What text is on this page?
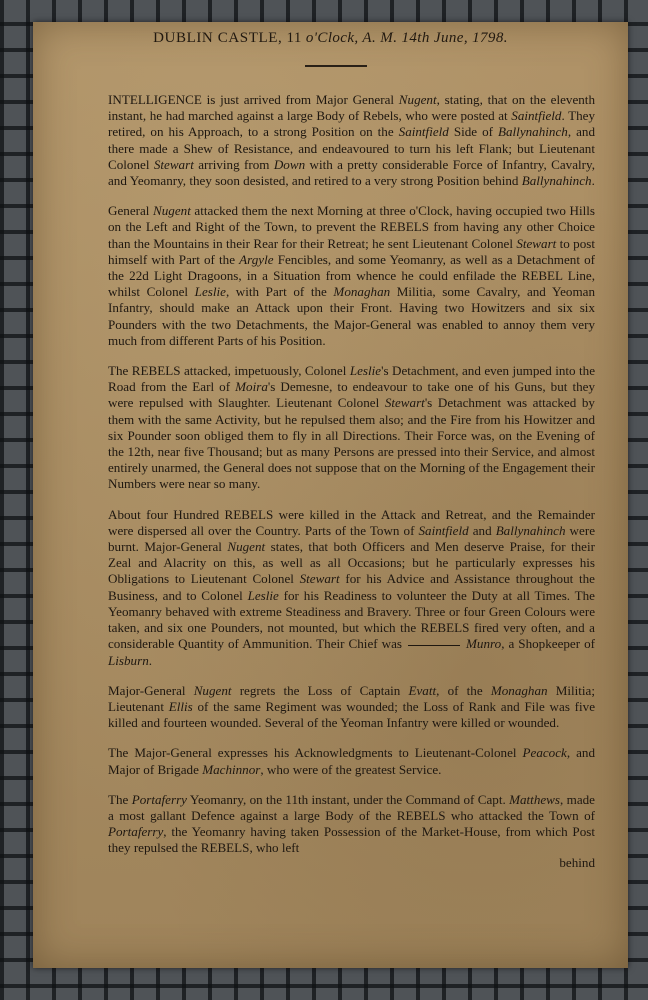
DUBLIN CASTLE, 11 o'Clock, A. M. 14th June, 1798.

INTELLIGENCE is just arrived from Major General Nugent, stating, that on the eleventh instant, he had marched against a large Body of Rebels, who were posted at Saintfield. They retired, on his Approach, to a strong Position on the Saintfield Side of Ballynahinch, and there made a Shew of Resistance, and endeavoured to turn his left Flank; but Lieutenant Colonel Stewart arriving from Down with a pretty considerable Force of Infantry, Cavalry, and Yeomanry, they soon desisted, and retired to a very strong Position behind Ballynahinch.

General Nugent attacked them the next Morning at three o'Clock, having occupied two Hills on the Left and Right of the Town, to prevent the REBELS from having any other Choice than the Mountains in their Rear for their Retreat; he sent Lieutenant Colonel Stewart to post himself with Part of the Argyle Fencibles, and some Yeomanry, as well as a Detachment of the 22d Light Dragoons, in a Situation from whence he could enfilade the REBEL Line, whilst Colonel Leslie, with Part of the Monaghan Militia, some Cavalry, and Yeoman Infantry, should make an Attack upon their Front. Having two Howitzers and six six Pounders with the two Detachments, the Major-General was enabled to annoy them very much from different Parts of his Position.

The REBELS attacked, impetuously, Colonel Leslie's Detachment, and even jumped into the Road from the Earl of Moira's Demesne, to endeavour to take one of his Guns, but they were repulsed with Slaughter. Lieutenant Colonel Stewart's Detachment was attacked by them with the same Activity, but he repulsed them also; and the Fire from his Howitzer and six Pounder soon obliged them to fly in all Directions. Their Force was, on the Evening of the 12th, near five Thousand; but as many Persons are pressed into their Service, and almost entirely unarmed, the General does not suppose that on the Morning of the Engagement their Numbers were near so many.

About four Hundred REBELS were killed in the Attack and Retreat, and the Remainder were dispersed all over the Country. Parts of the Town of Saintfield and Ballynahinch were burnt. Major-General Nugent states, that both Officers and Men deserve Praise, for their Zeal and Alacrity on this, as well as all Occasions; but he particularly expresses his Obligations to Lieutenant Colonel Stewart for his Advice and Assistance throughout the Business, and to Colonel Leslie for his Readiness to volunteer the Duty at all Times. The Yeomanry behaved with extreme Steadiness and Bravery. Three or four Green Colours were taken, and six one Pounders, not mounted, but which the REBELS fired very often, and a considerable Quantity of Ammunition. Their Chief was	Munro, a Shopkeeper of Lisburn.

Major-General Nugent regrets the Loss of Captain Evatt, of the Monaghan Militia; Lieutenant Ellis of the same Regiment was wounded; the Loss of Rank and File was five killed and fourteen wounded. Several of the Yeoman Infantry were killed or wounded.

The Major-General expresses his Acknowledgments to Lieutenant-Colonel Peacock, and Major of Brigade Machinnor, who were of the greatest Service.

The Portaferry Yeomanry, on the 11th instant, under the Command of Capt. Matthews, made a most gallant Defence against a large Body of the REBELS who attacked the Town of Portaferry, the Yeomanry having taken Possession of the Market-House, from which Post they repulsed the REBELS, who left

behind
